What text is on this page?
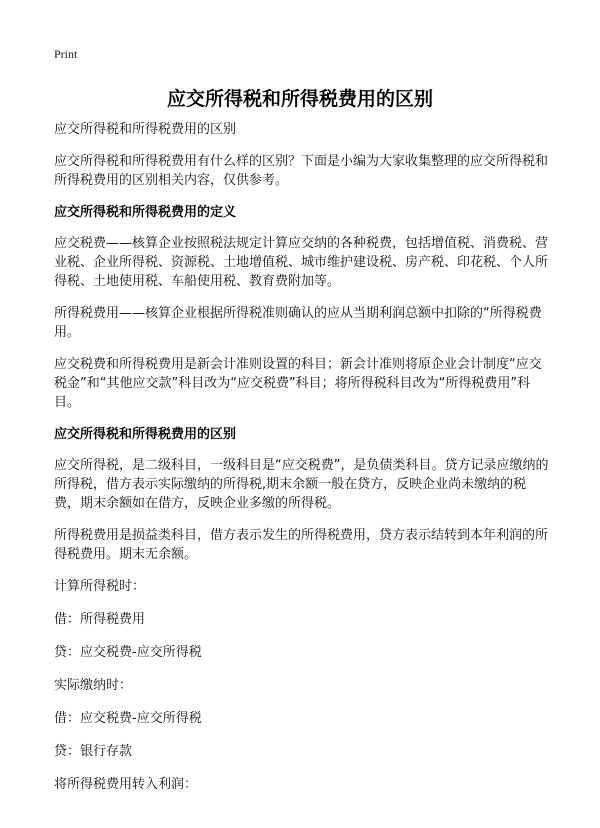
Print
应交所得税和所得税费用的区别

应交所得税和所得税费用的区别

应交所得税和所得税费用有什么样的区别？下面是小编为大家收集整理的应交所得税和所得税费用的区别相关内容，仅供参考。

应交所得税和所得税费用的定义

应交税费——核算企业按照税法规定计算应交纳的各种税费，包括增值税、消费税、营业税、企业所得税、资源税、土地增值税、城市维护建设税、房产税、印花税、个人所得税、土地使用税、车船使用税、教育费附加等。

所得税费用——核算企业根据所得税准则确认的应从当期利润总额中扣除的“所得税费用。

应交税费和所得税费用是新会计准则设置的科目；新会计准则将原企业会计制度“应交税金”和“其他应交款”科目改为“应交税费”科目；将所得税科目改为“所得税费用”科目。

应交所得税和所得税费用的区别

应交所得税，是二级科目，一级科目是“应交税费”，是负债类科目。贷方记录应缴纳的所得税，借方表示实际缴纳的所得税,期末余额一般在贷方，反映企业尚未缴纳的税费，期末余额如在借方，反映企业多缴的所得税。

所得税费用是损益类科目，借方表示发生的所得税费用，贷方表示结转到本年利润的所得税费用。期末无余额。

计算所得税时：

借：所得税费用

贷：应交税费-应交所得税

实际缴纳时：

借：应交税费-应交所得税

贷：银行存款

将所得税费用转入利润：
